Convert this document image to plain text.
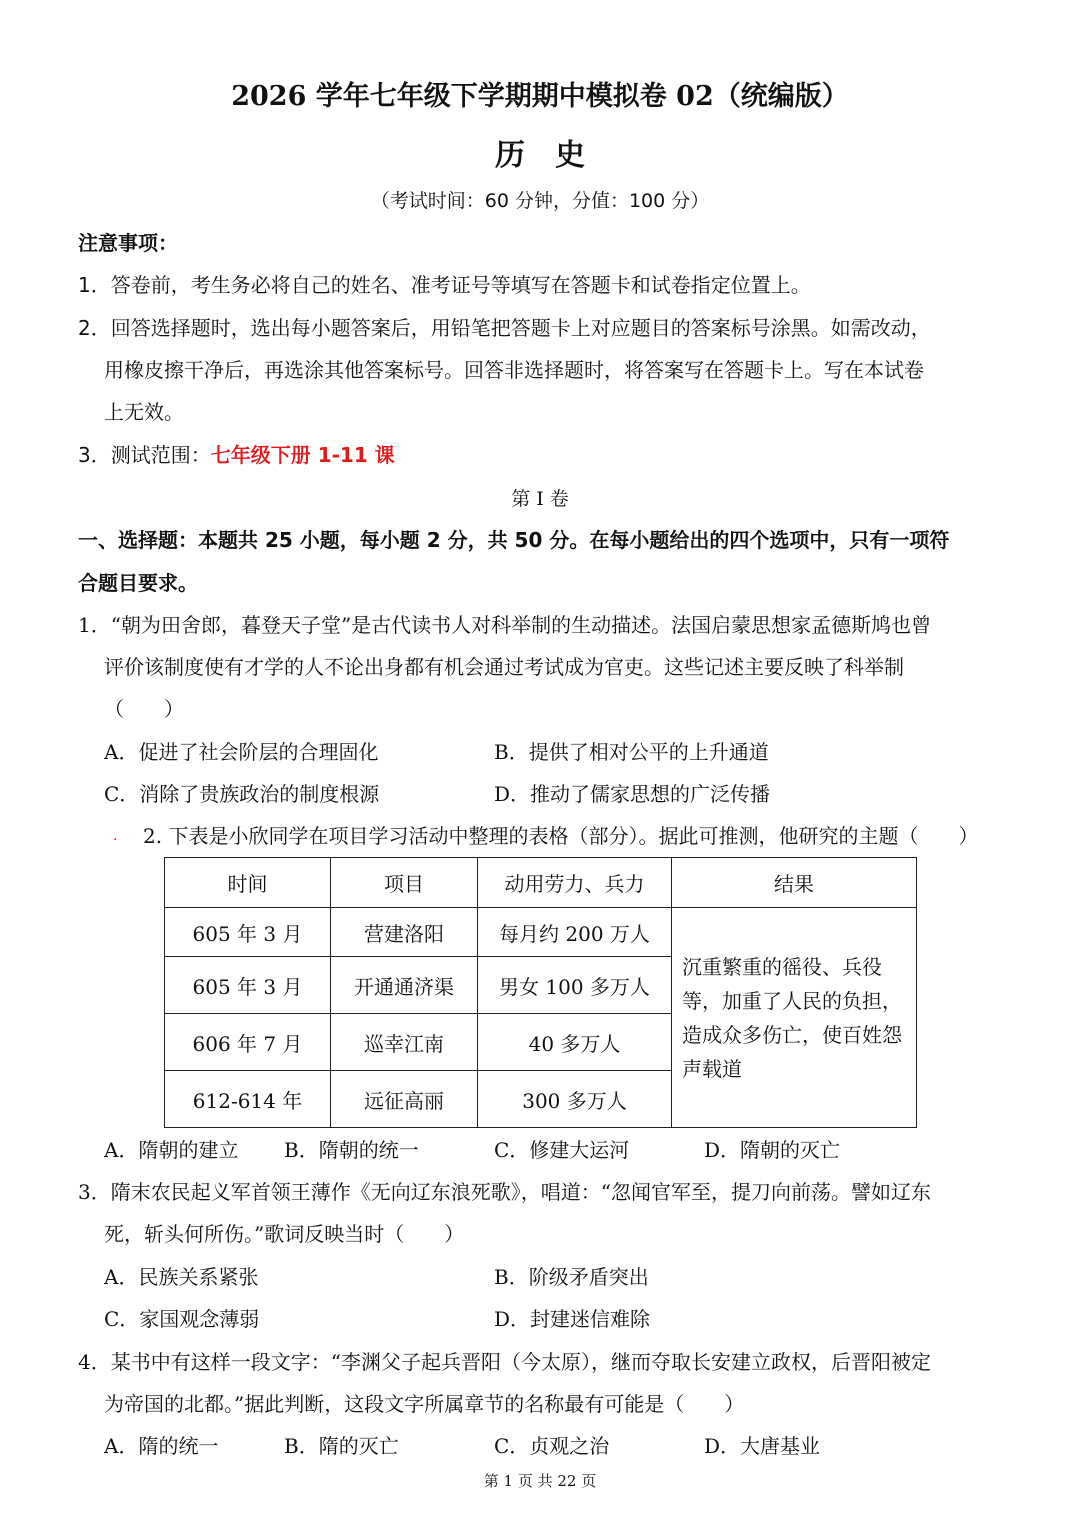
2026 学年七年级下学期期中模拟卷 02（统编版）
历　史
（考试时间：60 分钟，分值：100 分）
注意事项：
1．答卷前，考生务必将自己的姓名、准考证号等填写在答题卡和试卷指定位置上。
2．回答选择题时，选出每小题答案后，用铅笔把答题卡上对应题目的答案标号涂黑。如需改动，
用橡皮擦干净后，再选涂其他答案标号。回答非选择题时，将答案写在答题卡上。写在本试卷
上无效。
3．测试范围：七年级下册 1-11 课
第 I 卷
一、选择题：本题共 25 小题，每小题 2 分，共 50 分。在每小题给出的四个选项中，只有一项符
合题目要求。
1．“朝为田舍郎，暮登天子堂”是古代读书人对科举制的生动描述。法国启蒙思想家孟德斯鸠也曾
评价该制度使有才学的人不论出身都有机会通过考试成为官吏。这些记述主要反映了科举制
（　　）
A．促进了社会阶层的合理固化	B．提供了相对公平的上升通道
C．消除了贵族政治的制度根源	D．推动了儒家思想的广泛传播
· 2. 下表是小欣同学在项目学习活动中整理的表格（部分）。据此可推测，他研究的主题（　　）
时间	项目	动用劳力、兵力	结果
605 年 3 月	营建洛阳	每月约 200 万人	沉重繁重的徭役、兵役等，加重了人民的负担，造成众多伤亡，使百姓怨声载道
605 年 3 月	开通通济渠	男女 100 多万人	
606 年 7 月	巡幸江南	40 多万人	
612-614 年	远征高丽	300 多万人	
A．隋朝的建立 B．隋朝的统一	C．修建大运河	D．隋朝的灭亡
3．隋末农民起义军首领王薄作《无向辽东浪死歌》，唱道：“忽闻官军至，提刀向前荡。譬如辽东
死，斩头何所伤。”歌词反映当时（　　）
A．民族关系紧张	B．阶级矛盾突出
C．家国观念薄弱	D．封建迷信难除
4．某书中有这样一段文字：“李渊父子起兵晋阳（今太原），继而夺取长安建立政权，后晋阳被定
为帝国的北都。”据此判断，这段文字所属章节的名称最有可能是（　　）
A．隋的统一	B．隋的灭亡	C．贞观之治	D．大唐基业
第 1 页 共 22 页
